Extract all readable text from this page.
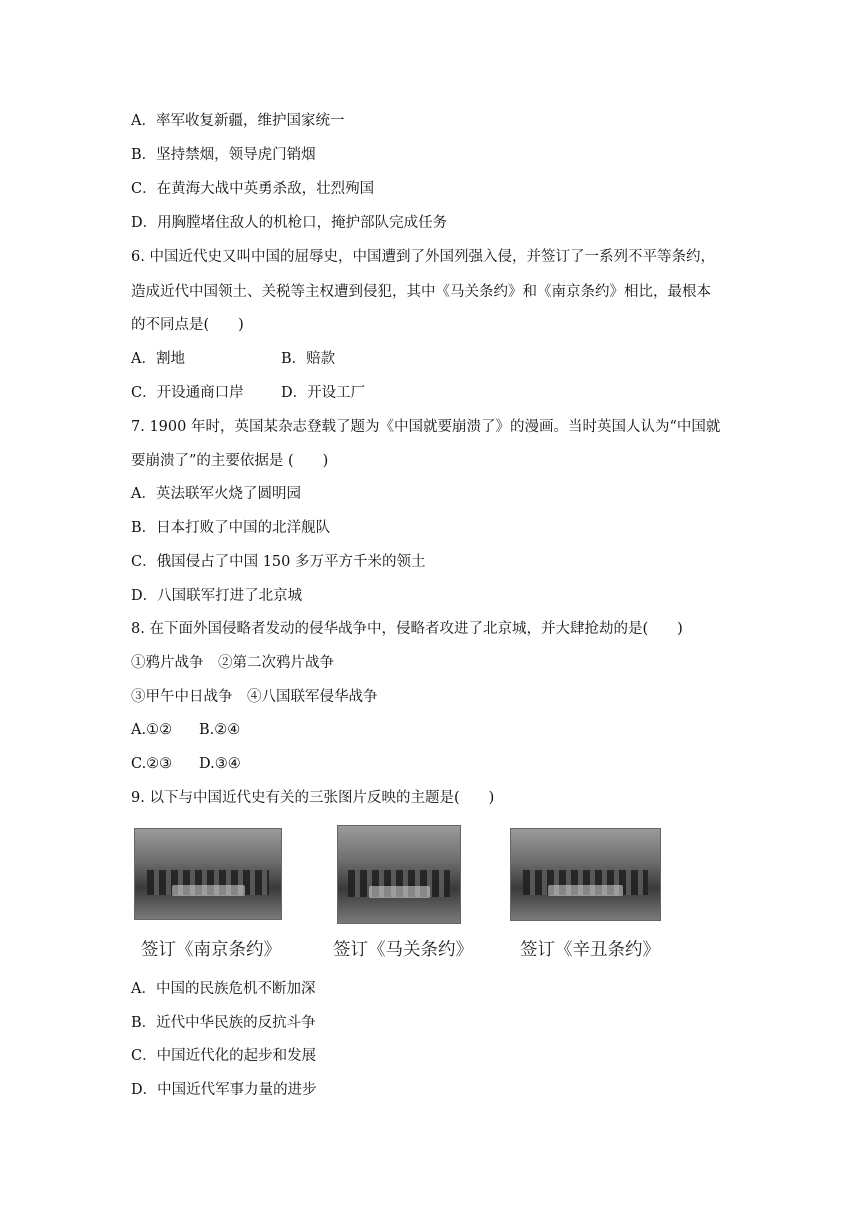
A．率军收复新疆，维护国家统一
B．坚持禁烟，领导虎门销烟
C．在黄海大战中英勇杀敌，壮烈殉国
D．用胸膛堵住敌人的机枪口，掩护部队完成任务
6. 中国近代史又叫中国的屈辱史，中国遭到了外国列强入侵，并签订了一系列不平等条约，
造成近代中国领土、关税等主权遭到侵犯，其中《马关条约》和《南京条约》相比，最根本
的不同点是(　　)
A．割地	B．赔款
C．开设通商口岸	D．开设工厂
7. 1900 年时，英国某杂志登载了题为《中国就要崩溃了》的漫画。当时英国人认为“中国就
要崩溃了”的主要依据是 (　　)
A．英法联军火烧了圆明园
B．日本打败了中国的北洋舰队
C．俄国侵占了中国 150 多万平方千米的领土
D．八国联军打进了北京城
8. 在下面外国侵略者发动的侵华战争中，侵略者攻进了北京城，并大肆抢劫的是(　　)
①鸦片战争　②第二次鸦片战争
③甲午中日战争　④八国联军侵华战争
A.①② B.②④
C.②③ D.③④
9. 以下与中国近代史有关的三张图片反映的主题是(　　)
签订《南京条约》	签订《马关条约》	签订《辛丑条约》
A．中国的民族危机不断加深
B．近代中华民族的反抗斗争
C．中国近代化的起步和发展
D．中国近代军事力量的进步
